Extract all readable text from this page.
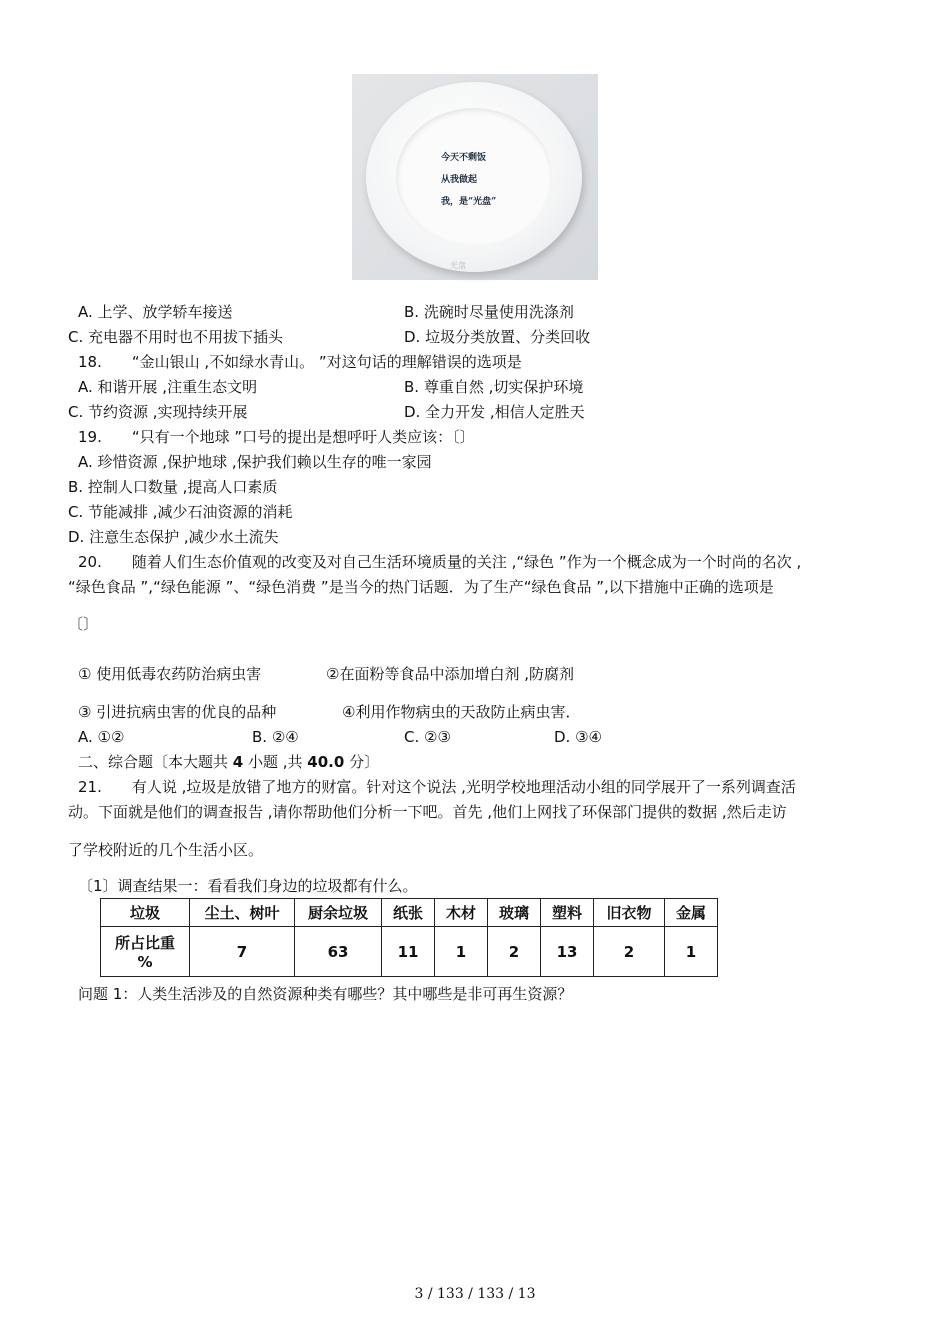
今天不剩饭
从我做起
我，是“光盘”
光盘
A. 上学、放学轿车接送	B. 洗碗时尽量使用洗涤剂
C. 充电器不用时也不用拔下插头	D. 垃圾分类放置、分类回收
18.　　“金山银山 ,不如绿水青山。 ”对这句话的理解错误的选项是
A. 和谐开展 ,注重生态文明	B. 尊重自然 ,切实保护环境
C. 节约资源 ,实现持续开展	D. 全力开发 ,相信人定胜天
19.　　“只有一个地球 ”口号的提出是想呼吁人类应该：〔〕
A. 珍惜资源 ,保护地球 ,保护我们赖以生存的唯一家园
B. 控制人口数量 ,提高人口素质
C. 节能减排 ,减少石油资源的消耗
D. 注意生态保护 ,减少水土流失
20.　　随着人们生态价值观的改变及对自己生活环境质量的关注 ,“绿色 ”作为一个概念成为一个时尚的名次 ,
“绿色食品 ”,“绿色能源 ”、“绿色消费 ”是当今的热门话题．为了生产“绿色食品 ”,以下措施中正确的选项是
〔〕
① 使用低毒农药防治病虫害	②在面粉等食品中添加增白剂 ,防腐剂
③ 引进抗病虫害的优良的品种	④利用作物病虫的天敌防止病虫害．
A. ①②	B. ②④	C. ②③	D. ③④
二、综合题〔本大题共 4 小题 ,共 40.0 分〕
21.　　有人说 ,垃圾是放错了地方的财富。针对这个说法 ,光明学校地理活动小组的同学展开了一系列调查活
动。下面就是他们的调查报告 ,请你帮助他们分析一下吧。首先 ,他们上网找了环保部门提供的数据 ,然后走访
了学校附近的几个生活小区。
〔1〕调查结果一：看看我们身边的垃圾都有什么。
垃圾	尘土、树叶	厨余垃圾	纸张	木材	玻璃	塑料	旧衣物	金属

所占比重
%	7	63	11	1	2	13	2	1
问题 1：人类生活涉及的自然资源种类有哪些？其中哪些是非可再生资源？
3 / 133 / 133 / 13
